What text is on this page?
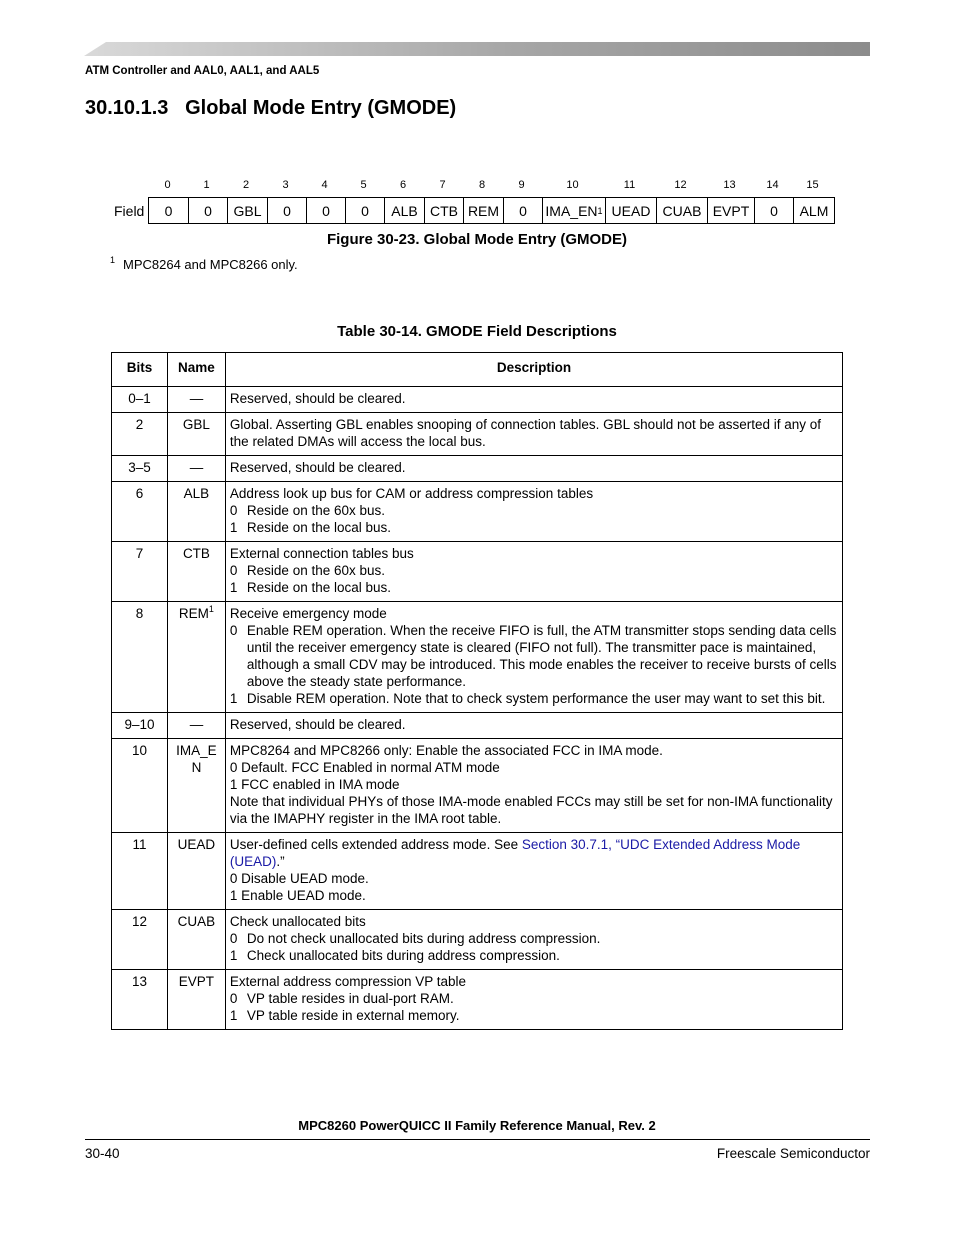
ATM Controller and AAL0, AAL1, and AAL5
30.10.1.3 Global Mode Entry (GMODE)
0	1	2	3	4	5	6	7	8	9	10	11	12	13	14	15
Field 0 0 GBL 0 0 0 ALB CTB REM 0 IMA_EN 1 UEAD CUAB EVPT 0 ALM
Figure 30-23. Global Mode Entry (GMODE)
$^1$ MPC8264 and MPC8266 only.
Table 30-14. GMODE Field Descriptions
Bits	Name	Description
0–1	—	Reserved, should be cleared.

2	GBL	Global. Asserting GBL enables snooping of connection tables. GBL should not be asserted if any of the related DMAs will access the local bus.

3–5	—	Reserved, should be cleared.

6	ALB	Address look up bus for CAM or address compression tables
0 Reside on the 60x bus.
1 Reside on the local bus.

7	CTB	External connection tables bus
0 Reside on the 60x bus.
1 Reside on the local bus.

8	REM$^1$	Receive emergency mode
0 Enable REM operation. When the receive FIFO is full, the ATM transmitter stops sending data cells until the receiver emergency state is cleared (FIFO not full). The transmitter pace is maintained, although a small CDV may be introduced. This mode enables the receiver to receive bursts of cells above the steady state performance.
1 Disable REM operation. Note that to check system performance the user may want to set this bit.

9–10	—	Reserved, should be cleared.

10	IMA_EN	MPC8264 and MPC8266 only: Enable the associated FCC in IMA mode.
0 Default. FCC Enabled in normal ATM mode
1 FCC enabled in IMA mode
Note that individual PHYs of those IMA-mode enabled FCCs may still be set for non-IMA functionality via the IMAPHY register in the IMA root table.

11	UEAD	User-defined cells extended address mode. See Section 30.7.1, “UDC Extended Address Mode (UEAD).”
0 Disable UEAD mode.
1 Enable UEAD mode.

12	CUAB	Check unallocated bits
0 Do not check unallocated bits during address compression.
1 Check unallocated bits during address compression.

13	EVPT	External address compression VP table
0 VP table resides in dual-port RAM.
1 VP table reside in external memory.
MPC8260 PowerQUICC II Family Reference Manual, Rev. 2
30-40	Freescale Semiconductor
